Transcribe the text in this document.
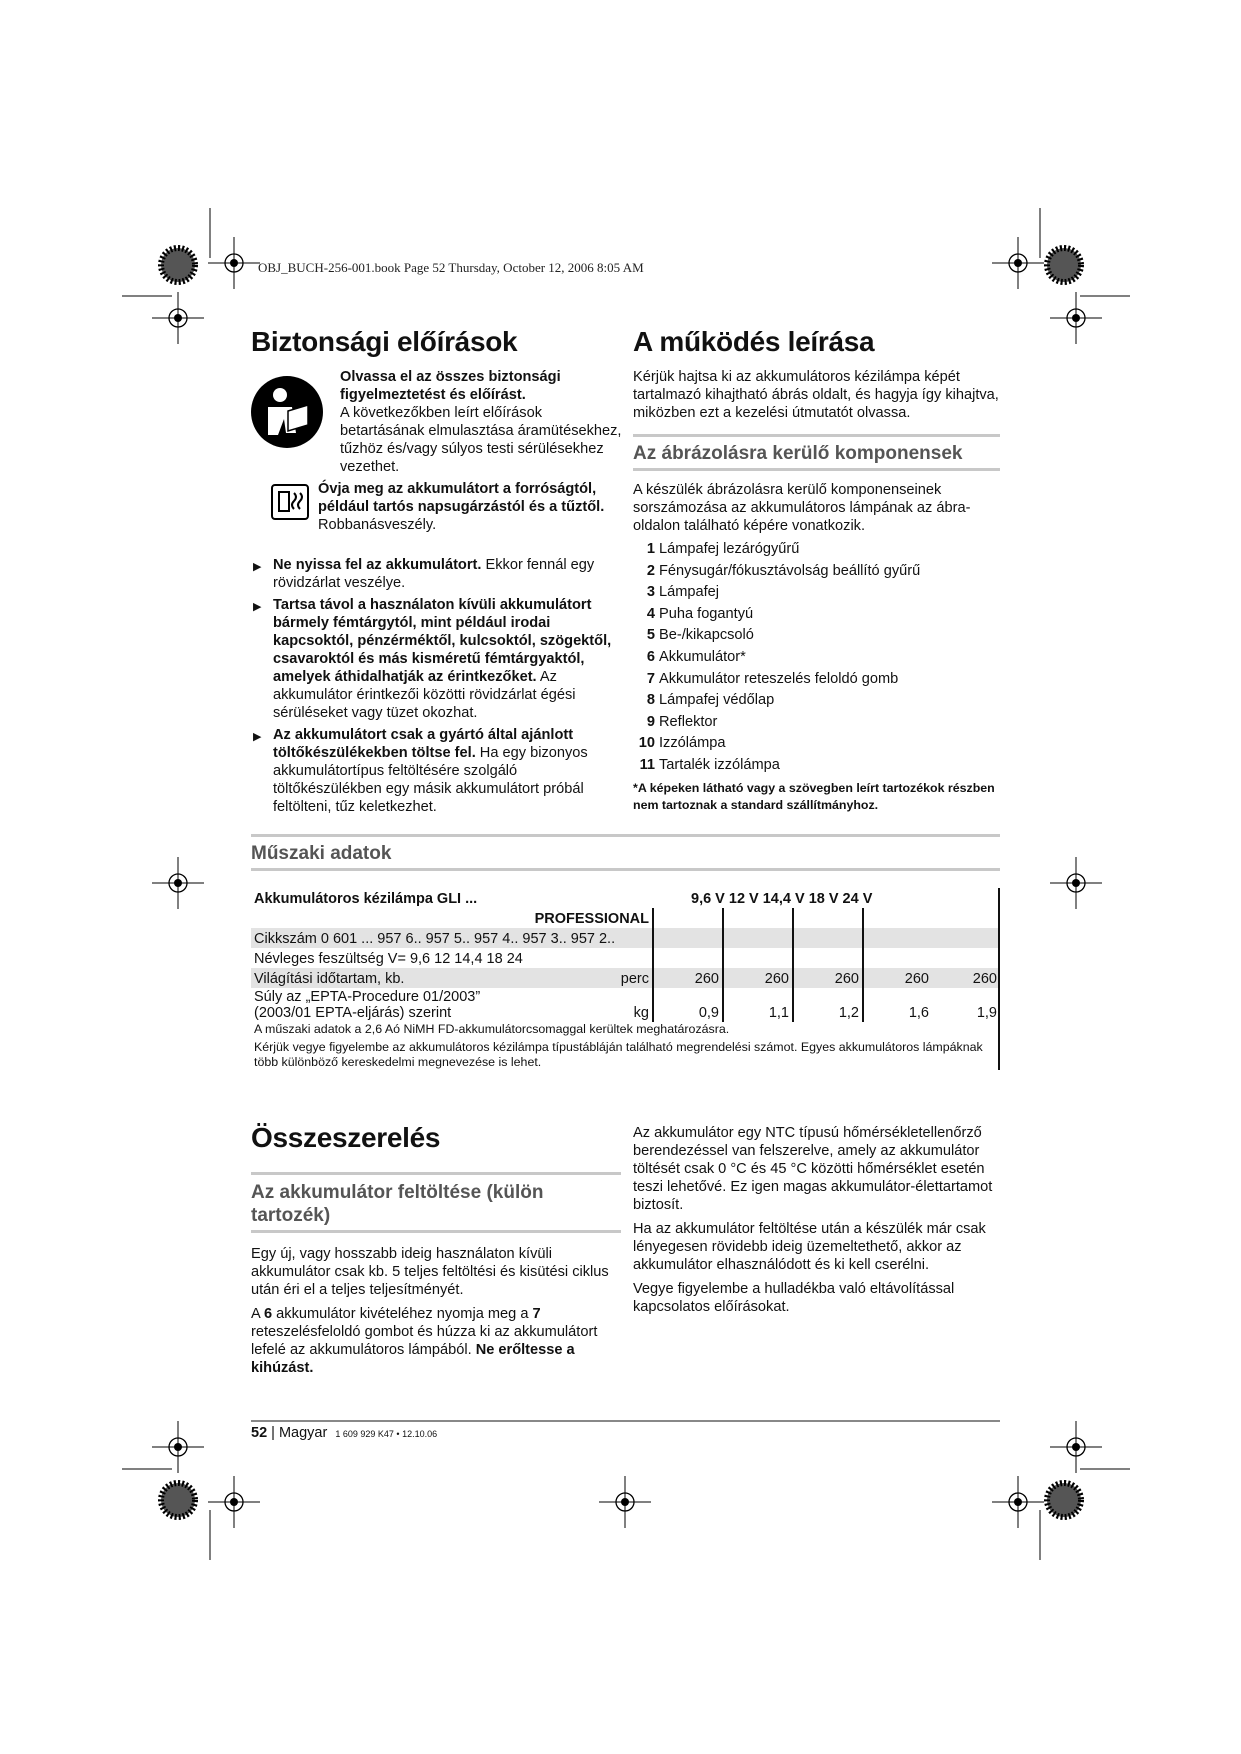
OBJ_BUCH-256-001.book Page 52 Thursday, October 12, 2006 8:05 AM
Biztonsági előírások

Olvassa el az összes biztonsági figyelmeztetést és előírást.

A következőkben leírt előírások betartásának elmulasztása áramütésekhez, tűzhöz és/vagy súlyos testi sérülésekhez vezethet.

Óvja meg az akkumulátort a forróságtól, például tartós napsugárzástól és a tűztől.

Robbanásveszély.

▶ Ne nyissa fel az akkumulátort. Ekkor fennál egy rövidzárlat veszélye.
▶ Tartsa távol a használaton kívüli akkumulátort bármely fémtárgytól, mint például irodai kapcsoktól, pénzérméktől, kulcsoktól, szögektől, csavaroktól és más kisméretű fémtárgyaktól, amelyek áthidalhatják az érintkezőket. Az akkumulátor érintkezői közötti rövidzárlat égési sérüléseket vagy tüzet okozhat.
▶ Az akkumulátort csak a gyártó által ajánlott töltőkészülékekben töltse fel. Ha egy bizonyos akkumulátortípus feltöltésére szolgáló töltőkészülékben egy másik akkumulátort próbál feltölteni, tűz keletkezhet.
A működés leírása

Kérjük hajtsa ki az akkumulátoros kézilámpa képét tartalmazó kihajtható ábrás oldalt, és hagyja így kihajtva, miközben ezt a kezelési útmutatót olvassa.

Az ábrázolásra kerülő komponensek

A készülék ábrázolásra kerülő komponenseinek sorszámozása az akkumulátoros lámpának az ábra-oldalon található képére vonatkozik.

1 Lámpafej lezárógyűrű
2 Fénysugár/fókusztávolság beállító gyűrű
3 Lámpafej
4 Puha fogantyú
5 Be-/kikapcsoló
6 Akkumulátor*
7 Akkumulátor reteszelés feloldó gomb
8 Lámpafej védőlap
9 Reflektor
10 Izzólámpa
11 Tartalék izzólámpa

*A képeken látható vagy a szövegben leírt tartozékok részben nem tartoznak a standard szállítmányhoz.

Műszaki adatok
Akkumulátoros kézilámpa GLI ...		9,6 V 12 V 14,4 V 18 V 24 V				
PROFESSIONAL						
Cikkszám 0 601 ... 957 6.. 957 5.. 957 4.. 957 3.. 957 2..						
Névleges feszültség V= 9,6 12 14,4 18 24						
Világítási időtartam, kb.	perc	260	260	260	260	260
Súly az „EPTA-Procedure 01/2003”
(2003/01 EPTA-eljárás) szerint	kg	0,9	1,1	1,2	1,6	1,9

A műszaki adatok a 2,6 Aó NiMH FD-akkumulátorcsomaggal kerültek meghatározásra.

Kérjük vegye figyelembe az akkumulátoros kézilámpa típustábláján található megrendelési számot. Egyes akkumulátoros lámpáknak több különböző kereskedelmi megnevezése is lehet.

Összeszerelés
Az akkumulátor feltöltése (külön tartozék)

Egy új, vagy hosszabb ideig használaton kívüli akkumulátor csak kb. 5 teljes feltöltési és kisütési ciklus után éri el a teljes teljesítményét.

A 6 akkumulátor kivételéhez nyomja meg a 7 reteszelésfeloldó gombot és húzza ki az akkumulátort lefelé az akkumulátoros lámpából. Ne erőltesse a kihúzást.

Az akkumulátor egy NTC típusú hőmérsékletellenőrző berendezéssel van felszerelve, amely az akkumulátor töltését csak 0 °C és 45 °C közötti hőmérséklet esetén teszi lehetővé. Ez igen magas akkumulátor-élettartamot biztosít.

Ha az akkumulátor feltöltése után a készülék már csak lényegesen rövidebb ideig üzemeltethető, akkor az akkumulátor elhasználódott és ki kell cserélni.

Vegye figyelembe a hulladékba való eltávolítással kapcsolatos előírásokat.

52 | Magyar 1 609 929 K47 • 12.10.06
